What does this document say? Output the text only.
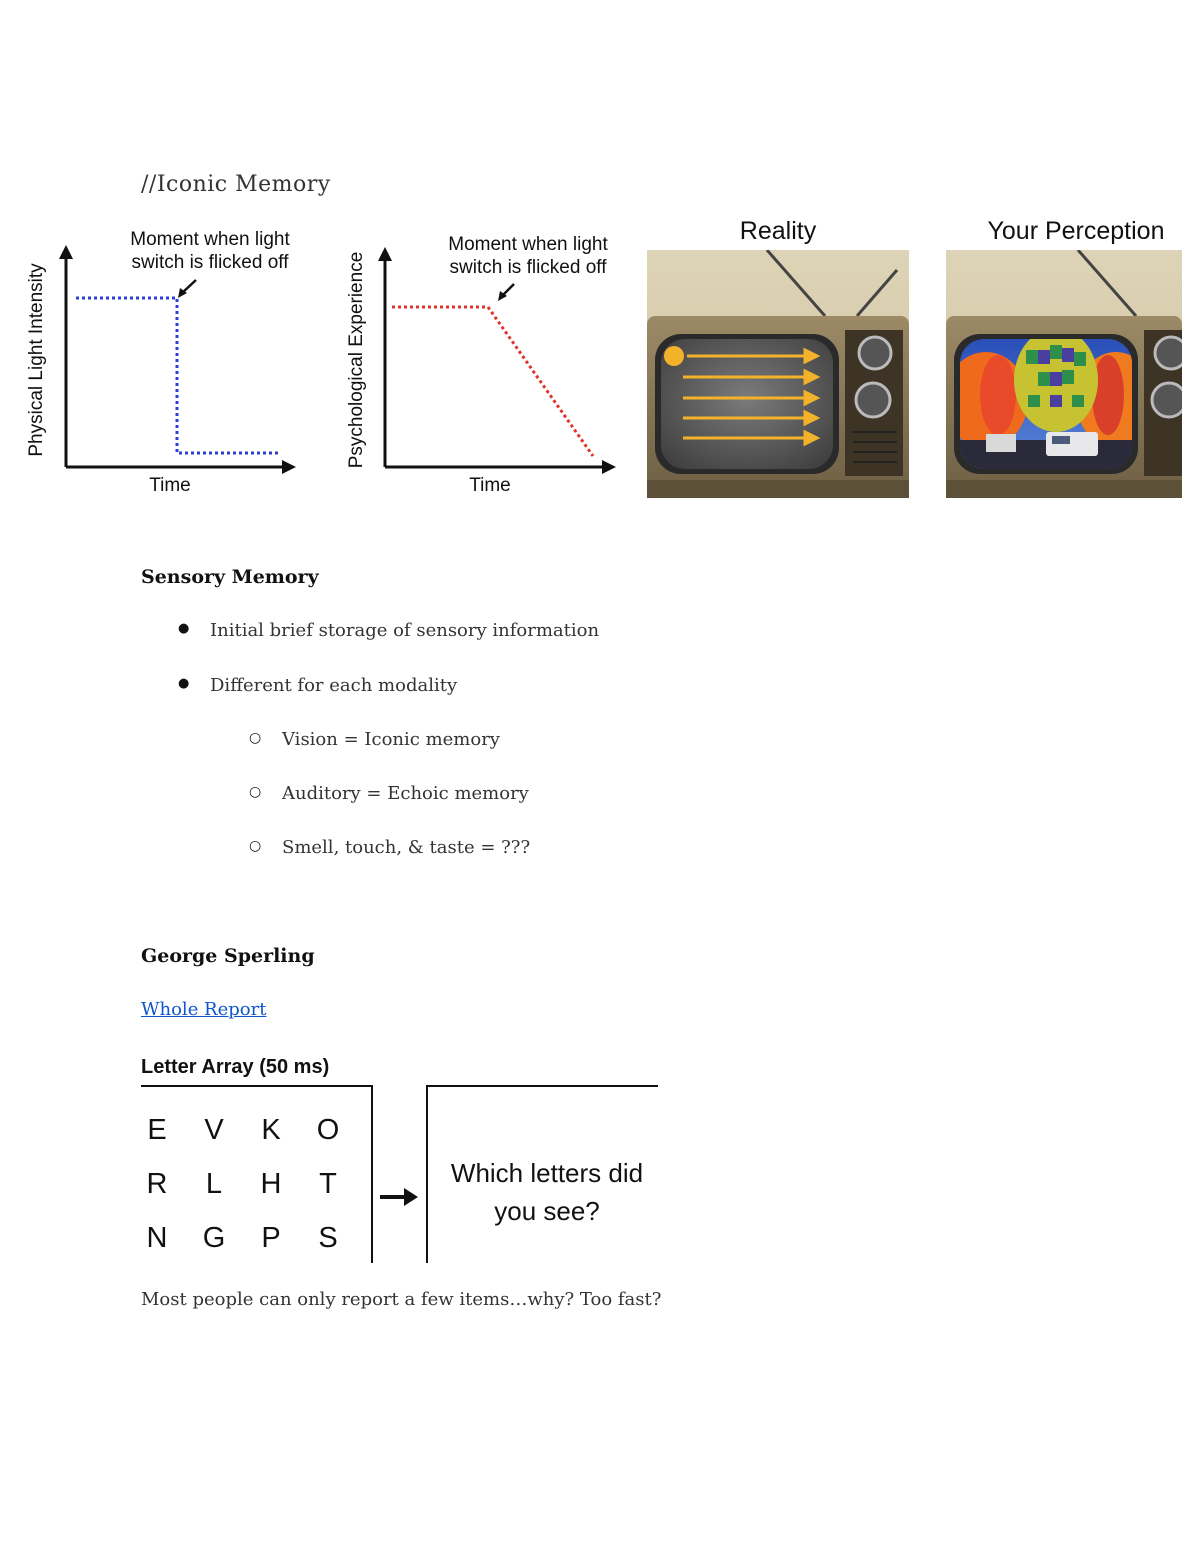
//Iconic Memory
Moment when light
switch is flicked off
Time
Physical Light Intensity
Moment when light
switch is flicked off
Time
Psychological Experience
Reality	Your Perception
Sensory Memory
● Initial brief storage of sensory information
● Different for each modality
○ Vision = Iconic memory
○ Auditory = Echoic memory
○ Smell, touch, & taste = ???
George Sperling
Whole Report
Letter Array (50 ms)
E	V	K	O
R	L	H	T
N	G	P	S
Which letters did
you see?
Most people can only report a few items…why? Too fast?
